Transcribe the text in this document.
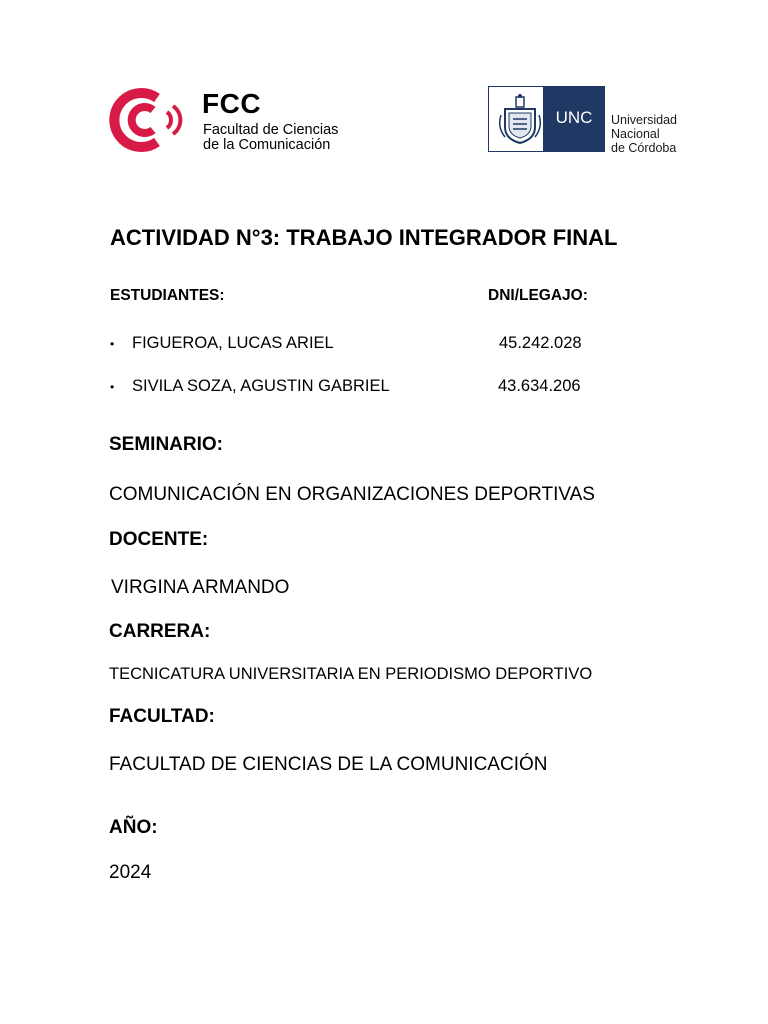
FCC
Facultad de Ciencias
de la Comunicación
UNC	Universidad
Nacional
de Córdoba
ACTIVIDAD N°3: TRABAJO INTEGRADOR FINAL
ESTUDIANTES:	DNI/LEGAJO:
• FIGUEROA, LUCAS ARIEL	45.242.028
• SIVILA SOZA, AGUSTIN GABRIEL	43.634.206
SEMINARIO:
COMUNICACIÓN EN ORGANIZACIONES DEPORTIVAS
DOCENTE:
VIRGINA ARMANDO
CARRERA:
TECNICATURA UNIVERSITARIA EN PERIODISMO DEPORTIVO
FACULTAD:
FACULTAD DE CIENCIAS DE LA COMUNICACIÓN
AÑO:
2024
